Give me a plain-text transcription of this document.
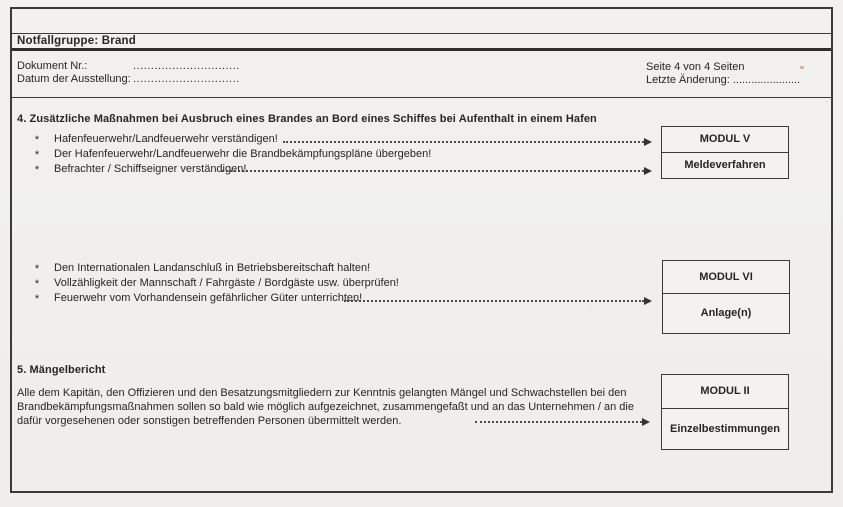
Notfallgruppe: Brand
Dokument Nr.:	..............................
Datum der Ausstellung: ..............................
Seite 4 von 4 Seiten
Letzte Änderung: ......................
4. Zusätzliche Maßnahmen bei Ausbruch eines Brandes an Bord eines Schiffes bei Aufenthalt in einem Hafen
*	Hafenfeuerwehr/Landfeuerwehr verständigen!
*	Der Hafenfeuerwehr/Landfeuerwehr die Brandbekämpfungspläne übergeben!
*	Befrachter / Schiffseigner verständigen!
*	Den Internationalen Landanschluß in Betriebsbereitschaft halten!
*	Vollzähligkeit der Mannschaft / Fahrgäste / Bordgäste usw. überprüfen!
*	Feuerwehr vom Vorhandensein gefährlicher Güter unterrichten!
5. Mängelbericht
Alle dem Kapitän, den Offizieren und den Besatzungsmitgliedern zur Kenntnis gelangten Mängel und Schwachstellen bei den Brandbekämpfungsmaßnahmen sollen so bald wie möglich aufgezeichnet, zusammengefaßt und an das Unternehmen / an die dafür vorgesehenen oder sonstigen betreffenden Personen übermittelt werden.
MODUL V
Meldeverfahren
MODUL VI
Anlage(n)
MODUL II
Einzelbestimmungen
